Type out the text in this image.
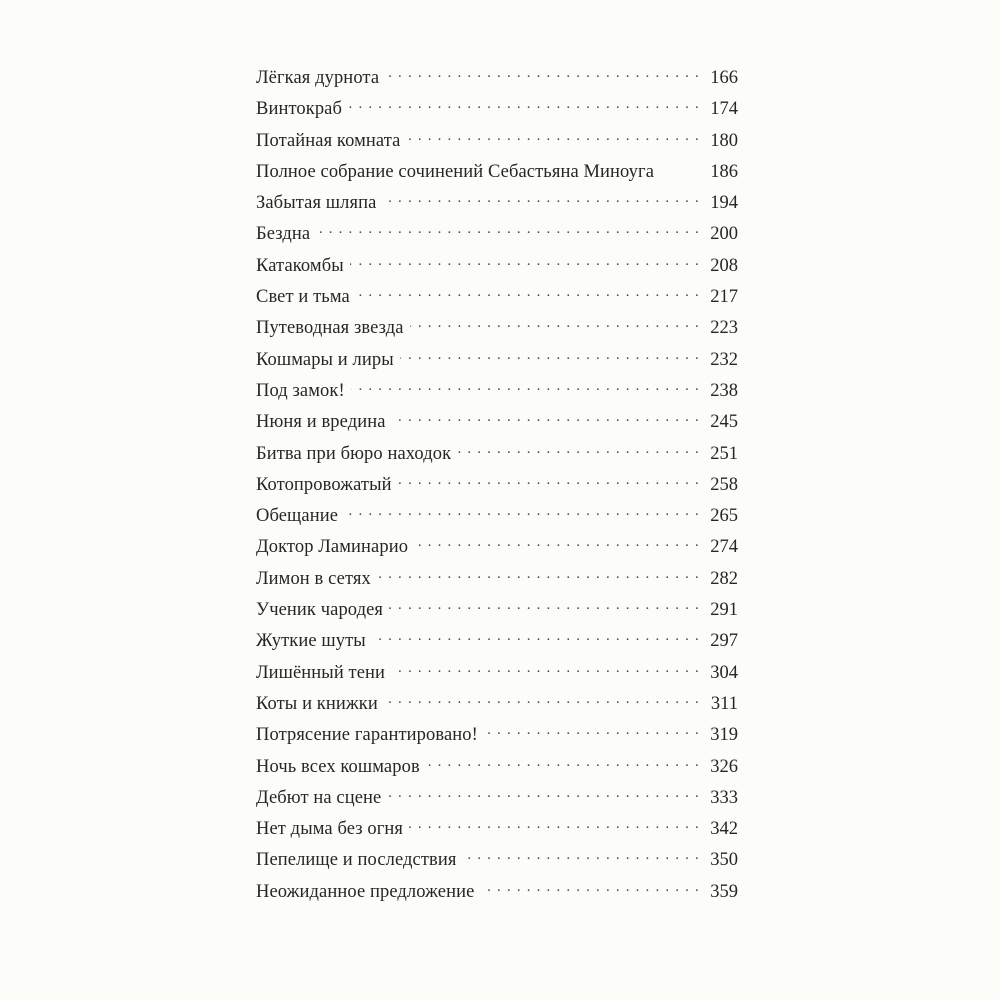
Лёгкая дурнота . . .	166
Винтокраб . . .	174
Потайная комната . . .	180
Полное собрание сочинений Себастьяна Миноуга	186
Забытая шляпа . . .	194
Бездна . . .	200
Катакомбы . . .	208
Свет и тьма . . .	217
Путеводная звезда . . .	223
Кошмары и лиры . . .	232
Под замок! . . .	238
Нюня и вредина . . .	245
Битва при бюро находок . . .	251
Котопровожатый . . .	258
Обещание . . .	265
Доктор Ламинарио . . .	274
Лимон в сетях . . .	282
Ученик чародея . . .	291
Жуткие шуты . . .	297
Лишённый тени . . .	304
Коты и книжки . . .	311
Потрясение гарантировано! . . .	319
Ночь всех кошмаров . . .	326
Дебют на сцене . . .	333
Нет дыма без огня . . .	342
Пепелище и последствия . . .	350
Неожиданное предложение . . .	359
